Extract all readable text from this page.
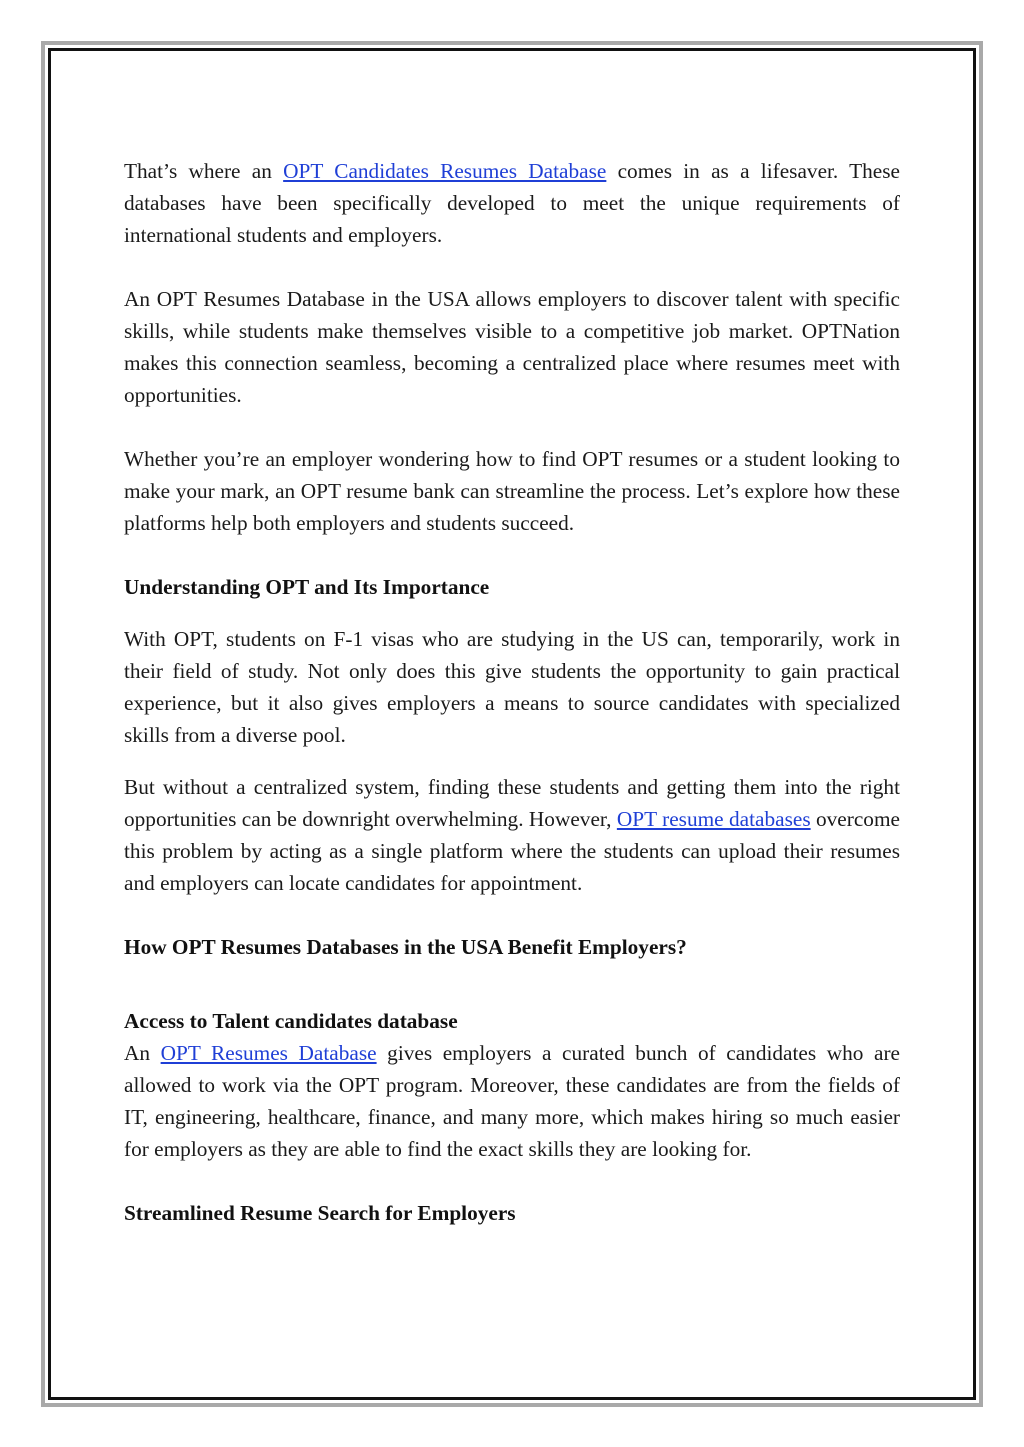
That’s where an OPT Candidates Resumes Database comes in as a lifesaver. These databases have been specifically developed to meet the unique requirements of international students and employers.

An OPT Resumes Database in the USA allows employers to discover talent with specific skills, while students make themselves visible to a competitive job market. OPTNation makes this connection seamless, becoming a centralized place where resumes meet with opportunities.

Whether you’re an employer wondering how to find OPT resumes or a student looking to make your mark, an OPT resume bank can streamline the process. Let’s explore how these platforms help both employers and students succeed.

Understanding OPT and Its Importance

With OPT, students on F-1 visas who are studying in the US can, temporarily, work in their field of study. Not only does this give students the opportunity to gain practical experience, but it also gives employers a means to source candidates with specialized skills from a diverse pool.

But without a centralized system, finding these students and getting them into the right opportunities can be downright overwhelming. However, OPT resume databases overcome this problem by acting as a single platform where the students can upload their resumes and employers can locate candidates for appointment.

How OPT Resumes Databases in the USA Benefit Employers?
Access to Talent candidates database

An OPT Resumes Database gives employers a curated bunch of candidates who are allowed to work via the OPT program. Moreover, these candidates are from the fields of IT, engineering, healthcare, finance, and many more, which makes hiring so much easier for employers as they are able to find the exact skills they are looking for.

Streamlined Resume Search for Employers
